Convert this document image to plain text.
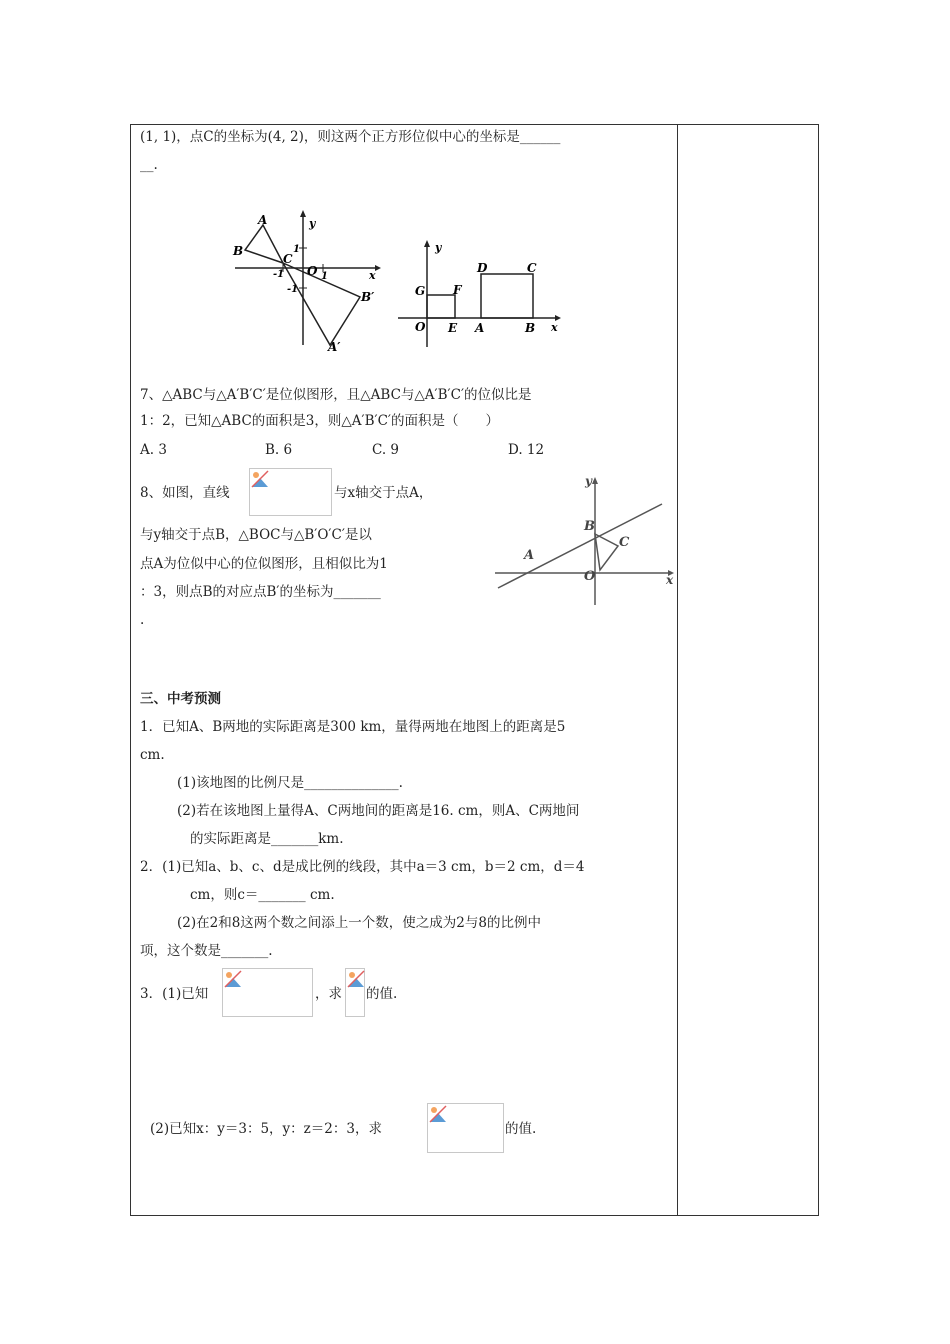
(1, 1)，点C的坐标为(4, 2)，则这两个正方形位似中心的坐标是______
__.
A
B
C
O
y
x
1
-1	1
-1
B′
A′
y
x
D	C
G F
O E A	B
7、△ABC与△A′B′C′是位似图形，且△ABC与△A′B′C′的位似比是
1：2，已知△ABC的面积是3，则△A′B′C′的面积是（　　）
A. 3	B. 6	C. 9	D. 12
8、如图，直线	与x轴交于点A，
与y轴交于点B，△BOC与△B′O′C′是以
点A为位似中心的位似图形，且相似比为1
：3，则点B的对应点B′的坐标为_______
.
y
x
B
C
A
O
三、中考预测
1．已知A、B两地的实际距离是300 km，量得两地在地图上的距离是5
cm.
(1)该地图的比例尺是______________.
(2)若在该地图上量得A、C两地间的距离是16. cm，则A、C两地间
的实际距离是_______km.
2．(1)已知a、b、c、d是成比例的线段，其中a＝3 cm，b＝2 cm，d＝4
cm，则c＝_______ cm.
(2)在2和8这两个数之间添上一个数，使之成为2与8的比例中
项，这个数是_______.
3．(1)已知	，求 的值.
(2)已知x：y＝3：5，y：z＝2：3，求	的值.
